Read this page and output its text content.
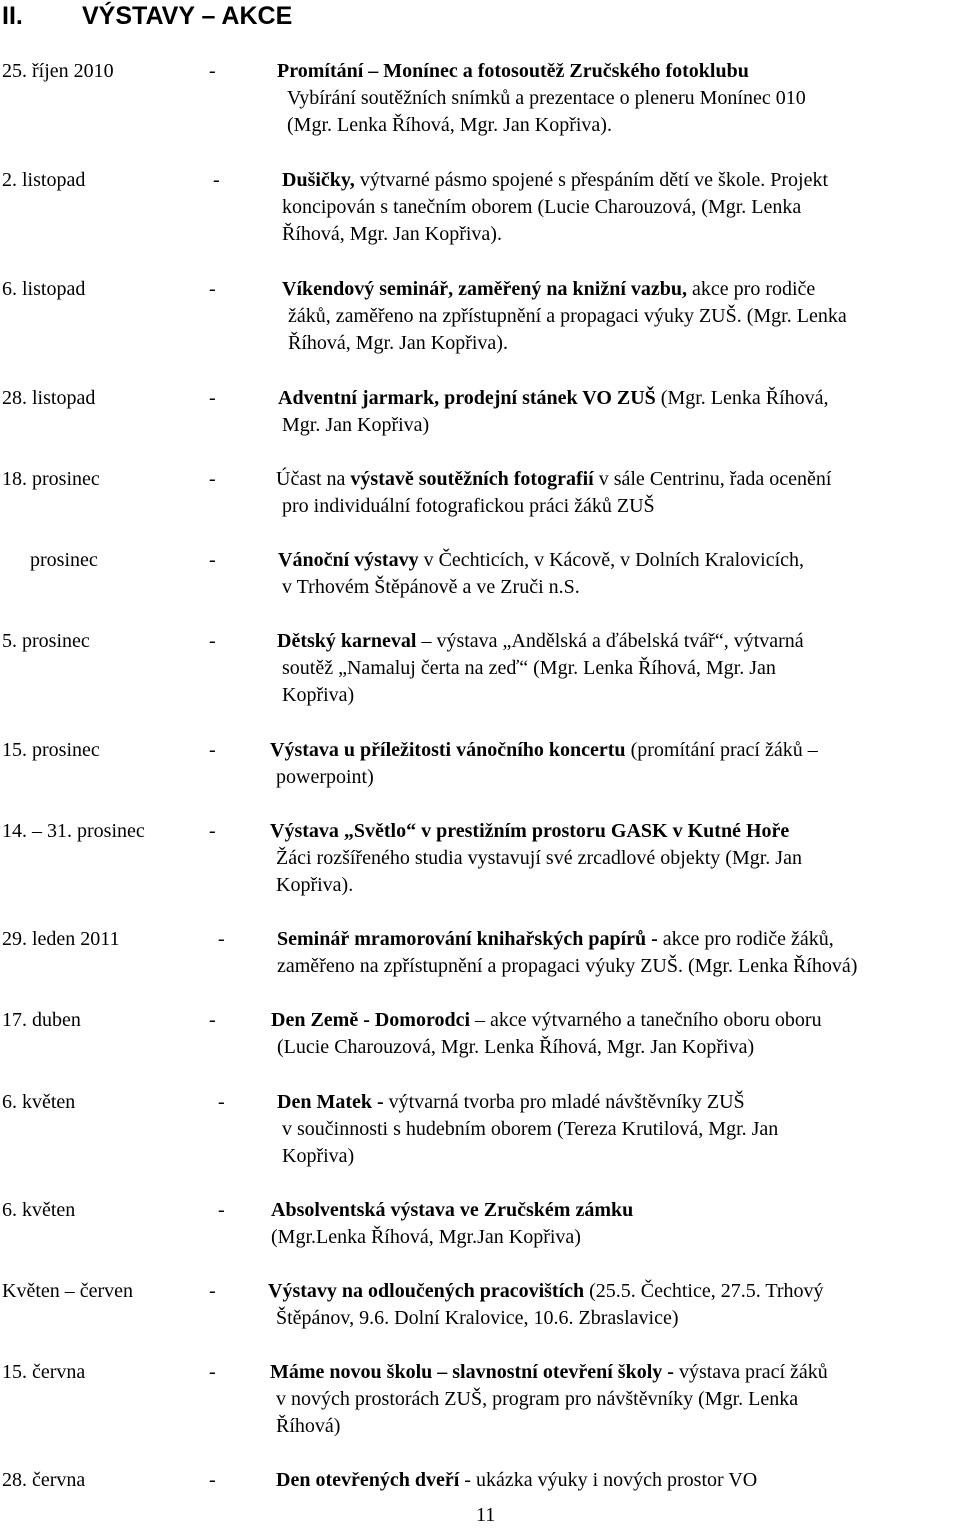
II. VÝSTAVY – AKCE
25. říjen 2010	-	Promítání – Monínec a fotosoutěž Zručského fotoklubu
Vybírání soutěžních snímků a prezentace o pleneru Monínec 010
(Mgr. Lenka Říhová, Mgr. Jan Kopřiva).
2. listopad	-	Dušičky, výtvarné pásmo spojené s přespáním dětí ve škole. Projekt
koncipován s tanečním oborem (Lucie Charouzová, (Mgr. Lenka
Říhová, Mgr. Jan Kopřiva).
6. listopad	-	Víkendový seminář, zaměřený na knižní vazbu, akce pro rodiče
žáků, zaměřeno na zpřístupnění a propagaci výuky ZUŠ. (Mgr. Lenka
Říhová, Mgr. Jan Kopřiva).
28. listopad	-	Adventní jarmark, prodejní stánek VO ZUŠ (Mgr. Lenka Říhová,
Mgr. Jan Kopřiva)
18. prosinec	-	Účast na výstavě soutěžních fotografií v sále Centrinu, řada ocenění
pro individuální fotografickou práci žáků ZUŠ
prosinec	-	Vánoční výstavy v Čechticích, v Kácově, v Dolních Kralovicích,
v Trhovém Štěpánově a ve Zruči n.S.
5. prosinec	-	Dětský karneval – výstava „Andělská a ďábelská tvář“, výtvarná
soutěž „Namaluj čerta na zeď“ (Mgr. Lenka Říhová, Mgr. Jan
Kopřiva)
15. prosinec	-	Výstava u příležitosti vánočního koncertu (promítání prací žáků –
powerpoint)
14. – 31. prosinec	-	Výstava „Světlo“ v prestižním prostoru GASK v Kutné Hoře
Žáci rozšířeného studia vystavují své zrcadlové objekty (Mgr. Jan
Kopřiva).
29. leden 2011	-	Seminář mramorování knihařských papírů - akce pro rodiče žáků,
zaměřeno na zpřístupnění a propagaci výuky ZUŠ. (Mgr. Lenka Říhová)
17. duben	-	Den Země - Domorodci – akce výtvarného a tanečního oboru oboru
(Lucie Charouzová, Mgr. Lenka Říhová, Mgr. Jan Kopřiva)
6. květen	-	Den Matek - výtvarná tvorba pro mladé návštěvníky ZUŠ
v součinnosti s hudebním oborem (Tereza Krutilová, Mgr. Jan
Kopřiva)
6. květen	- Absolventská výstava ve Zručském zámku
(Mgr.Lenka Říhová, Mgr.Jan Kopřiva)
Květen – červen	-	Výstavy na odloučených pracovištích (25.5. Čechtice, 27.5. Trhový
Štěpánov, 9.6. Dolní Kralovice, 10.6. Zbraslavice)
15. června	-	Máme novou školu – slavnostní otevření školy - výstava prací žáků
v nových prostorách ZUŠ, program pro návštěvníky (Mgr. Lenka
Říhová)
28. června	-	Den otevřených dveří - ukázka výuky i nových prostor VO
11
